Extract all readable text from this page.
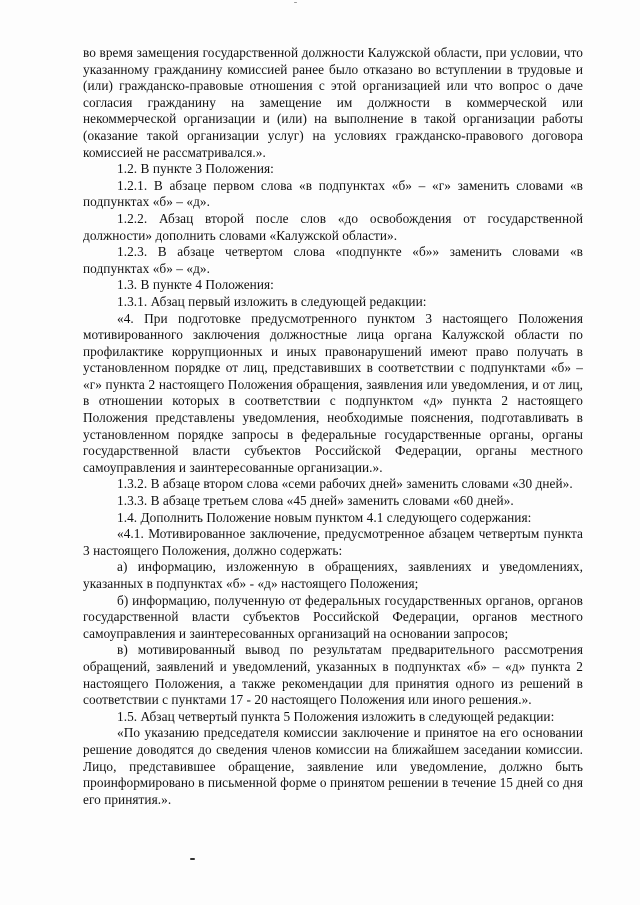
во время замещения государственной должности Калужской области, при условии, что указанному гражданину комиссией ранее было отказано во вступлении в трудовые и (или) гражданско-правовые отношения с этой организацией или что вопрос о даче согласия гражданину на замещение им должности в коммерческой или некоммерческой организации и (или) на выполнение в такой организации работы (оказание такой организации услуг) на условиях гражданско-правового договора комиссией не рассматривался.».

1.2. В пункте 3 Положения:

1.2.1. В абзаце первом слова «в подпунктах «б» – «г» заменить словами «в подпунктах «б» – «д».

1.2.2. Абзац второй после слов «до освобождения от государственной должности» дополнить словами «Калужской области».

1.2.3. В абзаце четвертом слова «подпункте «б»» заменить словами «в подпунктах «б» – «д».

1.3. В пункте 4 Положения:

1.3.1. Абзац первый изложить в следующей редакции:

«4. При подготовке предусмотренного пунктом 3 настоящего Положения мотивированного заключения должностные лица органа Калужской области по профилактике коррупционных и иных правонарушений имеют право получать в установленном порядке от лиц, представивших в соответствии с подпунктами «б» – «г» пункта 2 настоящего Положения обращения, заявления или уведомления, и от лиц, в отношении которых в соответствии с подпунктом «д» пункта 2 настоящего Положения представлены уведомления, необходимые пояснения, подготавливать в установленном порядке запросы в федеральные государственные органы, органы государственной власти субъектов Российской Федерации, органы местного самоуправления и заинтересованные организации.».

1.3.2. В абзаце втором слова «семи рабочих дней» заменить словами «30 дней».

1.3.3. В абзаце третьем слова «45 дней» заменить словами «60 дней».

1.4. Дополнить Положение новым пунктом 4.1 следующего содержания:

«4.1. Мотивированное заключение, предусмотренное абзацем четвертым пункта 3 настоящего Положения, должно содержать:

а) информацию, изложенную в обращениях, заявлениях и уведомлениях, указанных в подпунктах «б» - «д» настоящего Положения;

б) информацию, полученную от федеральных государственных органов, органов государственной власти субъектов Российской Федерации, органов местного самоуправления и заинтересованных организаций на основании запросов;

в) мотивированный вывод по результатам предварительного рассмотрения обращений, заявлений и уведомлений, указанных в подпунктах «б» – «д» пункта 2 настоящего Положения, а также рекомендации для принятия одного из решений в соответствии с пунктами 17 - 20 настоящего Положения или иного решения.».

1.5. Абзац четвертый пункта 5 Положения изложить в следующей редакции:

«По указанию председателя комиссии заключение и принятое на его основании решение доводятся до сведения членов комиссии на ближайшем заседании комиссии. Лицо, представившее обращение, заявление или уведомление, должно быть проинформировано в письменной форме о принятом решении в течение 15 дней со дня его принятия.».
